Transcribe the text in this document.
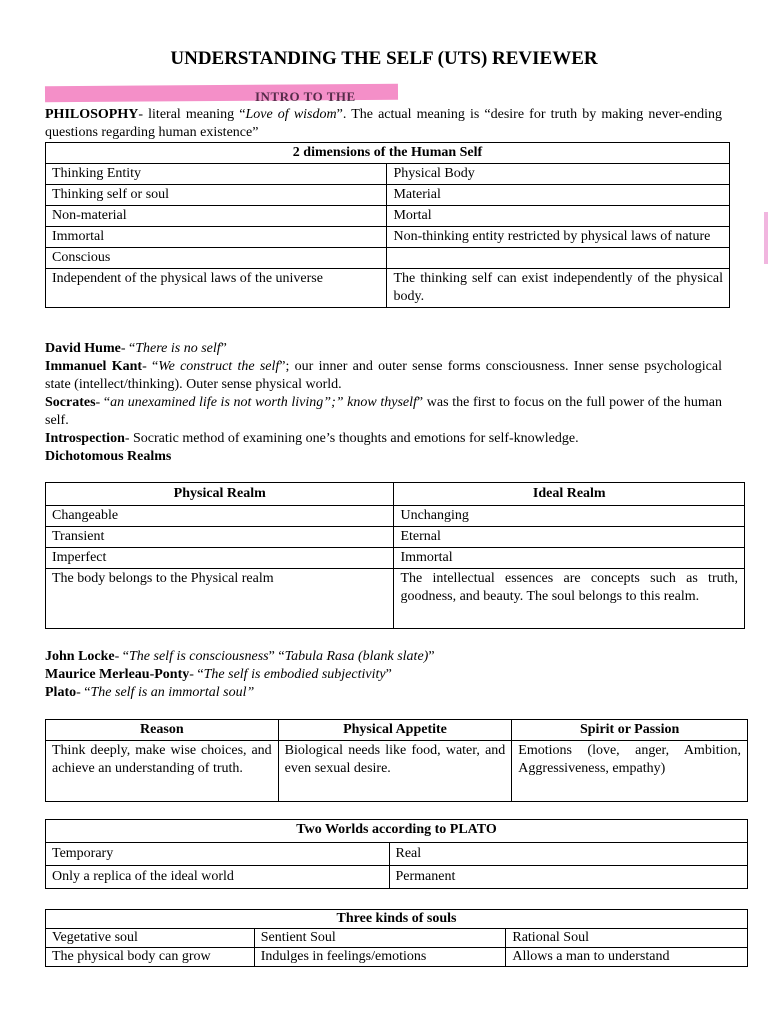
UNDERSTANDING THE SELF (UTS) REVIEWER
INTRO TO THE
PHILOSOPHY- literal meaning “Love of wisdom”. The actual meaning is “desire for truth by making never-ending questions regarding human existence”
2 dimensions of the Human Self	
Thinking Entity	Physical Body
Thinking self or soul	Material
Non-material	Mortal
Immortal	Non-thinking entity restricted by physical laws of nature
Conscious	
Independent of the physical laws of the universe	The thinking self can exist independently of the physical body.
David Hume- “There is no self”
Immanuel Kant- “We construct the self”; our inner and outer sense forms consciousness. Inner sense psychological state (intellect/thinking). Outer sense physical world.
Socrates- “an unexamined life is not worth living”;” know thyself” was the first to focus on the full power of the human self.
Introspection- Socratic method of examining one’s thoughts and emotions for self-knowledge.
Dichotomous Realms
Physical Realm	Ideal Realm
Changeable	Unchanging
Transient	Eternal
Imperfect	Immortal
The body belongs to the Physical realm	The intellectual essences are concepts such as truth, goodness, and beauty. The soul belongs to this realm.
John Locke- “The self is consciousness” “Tabula Rasa (blank slate)”
Maurice Merleau-Ponty- “The self is embodied subjectivity”
Plato- “The self is an immortal soul”
Reason	Physical Appetite	Spirit or Passion
Think deeply, make wise choices, and achieve an understanding of truth.	Biological needs like food, water, and even sexual desire.	Emotions (love, anger, Ambition, Aggressiveness, empathy)
Two Worlds according to PLATO	
Temporary	Real
Only a replica of the ideal world	Permanent
Three kinds of souls		
Vegetative soul	Sentient Soul	Rational Soul
The physical body can grow	Indulges in feelings/emotions	Allows a man to understand
